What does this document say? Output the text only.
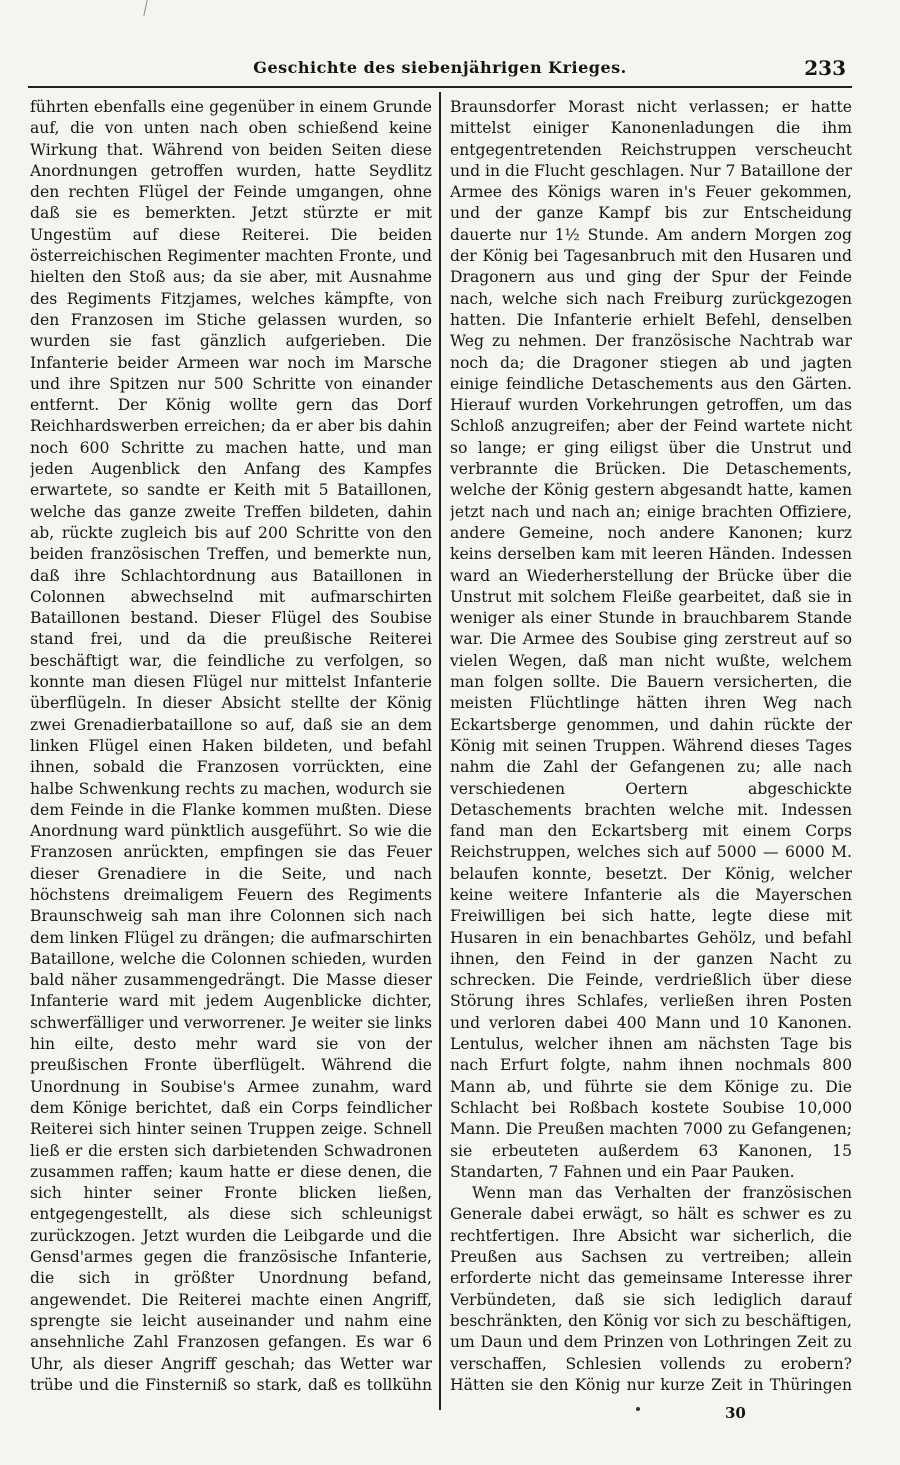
Geschichte des siebenjährigen Krieges.	233

führten ebenfalls eine gegenüber in einem Grunde auf, die von unten nach oben schießend keine Wirkung that. Während von beiden Seiten diese Anordnungen getroffen wurden, hatte Seydlitz den rechten Flügel der Feinde umgangen, ohne daß sie es bemerkten. Jetzt stürzte er mit Ungestüm auf diese Reiterei. Die beiden österreichischen Regimenter machten Fronte, und hielten den Stoß aus; da sie aber, mit Ausnahme des Regiments Fitzjames, welches kämpfte, von den Franzosen im Stiche gelassen wurden, so wurden sie fast gänzlich aufgerieben. Die Infanterie beider Armeen war noch im Marsche und ihre Spitzen nur 500 Schritte von einander entfernt. Der König wollte gern das Dorf Reichhardswerben erreichen; da er aber bis dahin noch 600 Schritte zu machen hatte, und man jeden Augenblick den Anfang des Kampfes erwartete, so sandte er Keith mit 5 Bataillonen, welche das ganze zweite Treffen bildeten, dahin ab, rückte zugleich bis auf 200 Schritte von den beiden französischen Treffen, und bemerkte nun, daß ihre Schlachtordnung aus Bataillonen in Colonnen abwechselnd mit aufmarschirten Bataillonen bestand. Dieser Flügel des Soubise stand frei, und da die preußische Reiterei beschäftigt war, die feindliche zu verfolgen, so konnte man diesen Flügel nur mittelst Infanterie überflügeln. In dieser Absicht stellte der König zwei Grenadierbataillone so auf, daß sie an dem linken Flügel einen Haken bildeten, und befahl ihnen, sobald die Franzosen vorrückten, eine halbe Schwenkung rechts zu machen, wodurch sie dem Feinde in die Flanke kommen mußten. Diese Anordnung ward pünktlich ausgeführt. So wie die Franzosen anrückten, empfingen sie das Feuer dieser Grenadiere in die Seite, und nach höchstens dreimaligem Feuern des Regiments Braunschweig sah man ihre Colonnen sich nach dem linken Flügel zu drängen; die aufmarschirten Bataillone, welche die Colonnen schieden, wurden bald näher zusammengedrängt. Die Masse dieser Infanterie ward mit jedem Augenblicke dichter, schwerfälliger und verworrener. Je weiter sie links hin eilte, desto mehr ward sie von der preußischen Fronte überflügelt. Während die Unordnung in Soubise's Armee zunahm, ward dem Könige berichtet, daß ein Corps feindlicher Reiterei sich hinter seinen Truppen zeige. Schnell ließ er die ersten sich darbietenden Schwadronen zusammen raffen; kaum hatte er diese denen, die sich hinter seiner Fronte blicken ließen, entgegengestellt, als diese sich schleunigst zurückzogen. Jetzt wurden die Leibgarde und die Gensd'armes gegen die französische Infanterie, die sich in größter Unordnung befand, angewendet. Die Reiterei machte einen Angriff, sprengte sie leicht auseinander und nahm eine ansehnliche Zahl Franzosen gefangen. Es war 6 Uhr, als dieser Angriff geschah; das Wetter war trübe und die Finsterniß so stark, daß es tollkühn

Braunsdorfer Morast nicht verlassen; er hatte mittelst einiger Kanonenladungen die ihm entgegentretenden Reichstruppen verscheucht und in die Flucht geschlagen. Nur 7 Bataillone der Armee des Königs waren in's Feuer gekommen, und der ganze Kampf bis zur Entscheidung dauerte nur 1½ Stunde. Am andern Morgen zog der König bei Tagesanbruch mit den Husaren und Dragonern aus und ging der Spur der Feinde nach, welche sich nach Freiburg zurückgezogen hatten. Die Infanterie erhielt Befehl, denselben Weg zu nehmen. Der französische Nachtrab war noch da; die Dragoner stiegen ab und jagten einige feindliche Detaschements aus den Gärten. Hierauf wurden Vorkehrungen getroffen, um das Schloß anzugreifen; aber der Feind wartete nicht so lange; er ging eiligst über die Unstrut und verbrannte die Brücken. Die Detaschements, welche der König gestern abgesandt hatte, kamen jetzt nach und nach an; einige brachten Offiziere, andere Gemeine, noch andere Kanonen; kurz keins derselben kam mit leeren Händen. Indessen ward an Wiederherstellung der Brücke über die Unstrut mit solchem Fleiße gearbeitet, daß sie in weniger als einer Stunde in brauchbarem Stande war. Die Armee des Soubise ging zerstreut auf so vielen Wegen, daß man nicht wußte, welchem man folgen sollte. Die Bauern versicherten, die meisten Flüchtlinge hätten ihren Weg nach Eckartsberge genommen, und dahin rückte der König mit seinen Truppen. Während dieses Tages nahm die Zahl der Gefangenen zu; alle nach verschiedenen Oertern abgeschickte Detaschements brachten welche mit. Indessen fand man den Eckartsberg mit einem Corps Reichstruppen, welches sich auf 5000 — 6000 M. belaufen konnte, besetzt. Der König, welcher keine weitere Infanterie als die Mayerschen Freiwilligen bei sich hatte, legte diese mit Husaren in ein benachbartes Gehölz, und befahl ihnen, den Feind in der ganzen Nacht zu schrecken. Die Feinde, verdrießlich über diese Störung ihres Schlafes, verließen ihren Posten und verloren dabei 400 Mann und 10 Kanonen. Lentulus, welcher ihnen am nächsten Tage bis nach Erfurt folgte, nahm ihnen nochmals 800 Mann ab, und führte sie dem Könige zu. Die Schlacht bei Roßbach kostete Soubise 10,000 Mann. Die Preußen machten 7000 zu Gefangenen; sie erbeuteten außerdem 63 Kanonen, 15 Standarten, 7 Fahnen und ein Paar Pauken.

Wenn man das Verhalten der französischen Generale dabei erwägt, so hält es schwer es zu rechtfertigen. Ihre Absicht war sicherlich, die Preußen aus Sachsen zu vertreiben; allein erforderte nicht das gemeinsame Interesse ihrer Verbündeten, daß sie sich lediglich darauf beschränkten, den König vor sich zu beschäftigen, um Daun und dem Prinzen von Lothringen Zeit zu verschaffen, Schlesien vollends zu erobern? Hätten sie den König nur kurze Zeit in Thüringen

30
